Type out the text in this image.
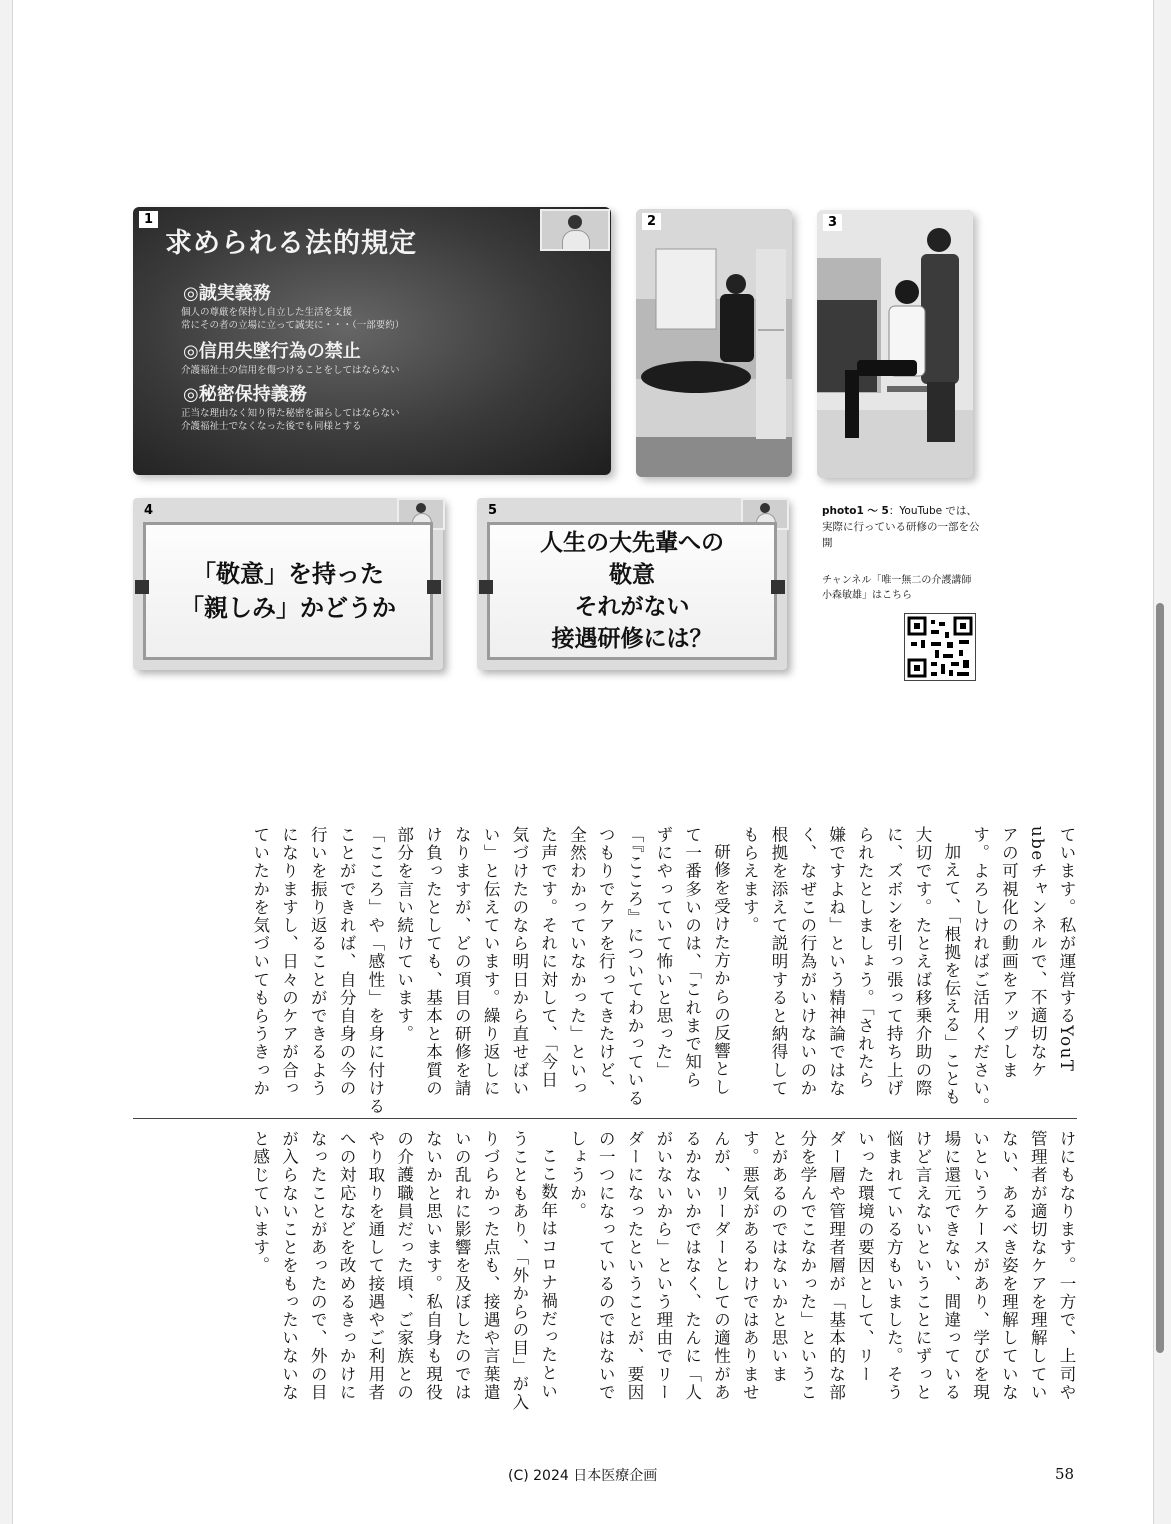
1
求められる法的規定
◎誠実義務
個人の尊厳を保持し自立した生活を支援
常にその者の立場に立って誠実に・・・（一部要約）
◎信用失墜行為の禁止
介護福祉士の信用を傷つけることをしてはならない
◎秘密保持義務
正当な理由なく知り得た秘密を漏らしてはならない
介護福祉士でなくなった後でも同様とする
2	3
4
「敬意」を持った
「親しみ」かどうか
5
人生の大先輩への
敬意
それがない
接遇研修には？
photo1 ～ 5：YouTube では、実際に行っている研修の一部を公開
チャンネル「唯一無二の介護講師　小森敏雄」はこちら
ています。私が運営するYouT
ubeチャンネルで、不適切なケ
アの可視化の動画をアップしま
す。よろしければご活用ください。
加えて、「根拠を伝える」ことも
大切です。たとえば移乗介助の際
に、ズボンを引っ張って持ち上げ
られたとしましょう。「されたら
嫌ですよね」という精神論ではな
く、なぜこの行為がいけないのか
根拠を添えて説明すると納得して
もらえます。
研修を受けた方からの反響とし
て一番多いのは、「これまで知ら
ずにやっていて怖いと思った」
「『こころ』についてわかっている
つもりでケアを行ってきたけど、
全然わかっていなかった」といっ
た声です。それに対して、「今日
気づけたのなら明日から直せばい
い」と伝えています。繰り返しに
なりますが、どの項目の研修を請
け負ったとしても、基本と本質の
部分を言い続けています。
「こころ」や「感性」を身に付ける
ことができれば、自分自身の今の
行いを振り返ることができるよう
になりますし、日々のケアが合っ
ていたかを気づいてもらうきっか
けにもなります。一方で、上司や
管理者が適切なケアを理解してい
ない、あるべき姿を理解していな
いというケースがあり、学びを現
場に還元できない、間違っている
けど言えないということにずっと
悩まれている方もいました。そう
いった環境の要因として、リー
ダー層や管理者層が「基本的な部
分を学んでこなかった」というこ
とがあるのではないかと思いま
す。悪気があるわけではありませ
んが、リーダーとしての適性があ
るかないかではなく、たんに「人
がいないから」という理由でリー
ダーになったということが、要因
の一つになっているのではないで
しょうか。
ここ数年はコロナ禍だったとい
うこともあり、「外からの目」が入
りづらかった点も、接遇や言葉遣
いの乱れに影響を及ぼしたのでは
ないかと思います。私自身も現役
の介護職員だった頃、ご家族との
やり取りを通して接遇やご利用者
への対応などを改めるきっかけに
なったことがあったので、外の目
が入らないことをもったいないな
と感じています。
(C) 2024 日本医療企画	58
